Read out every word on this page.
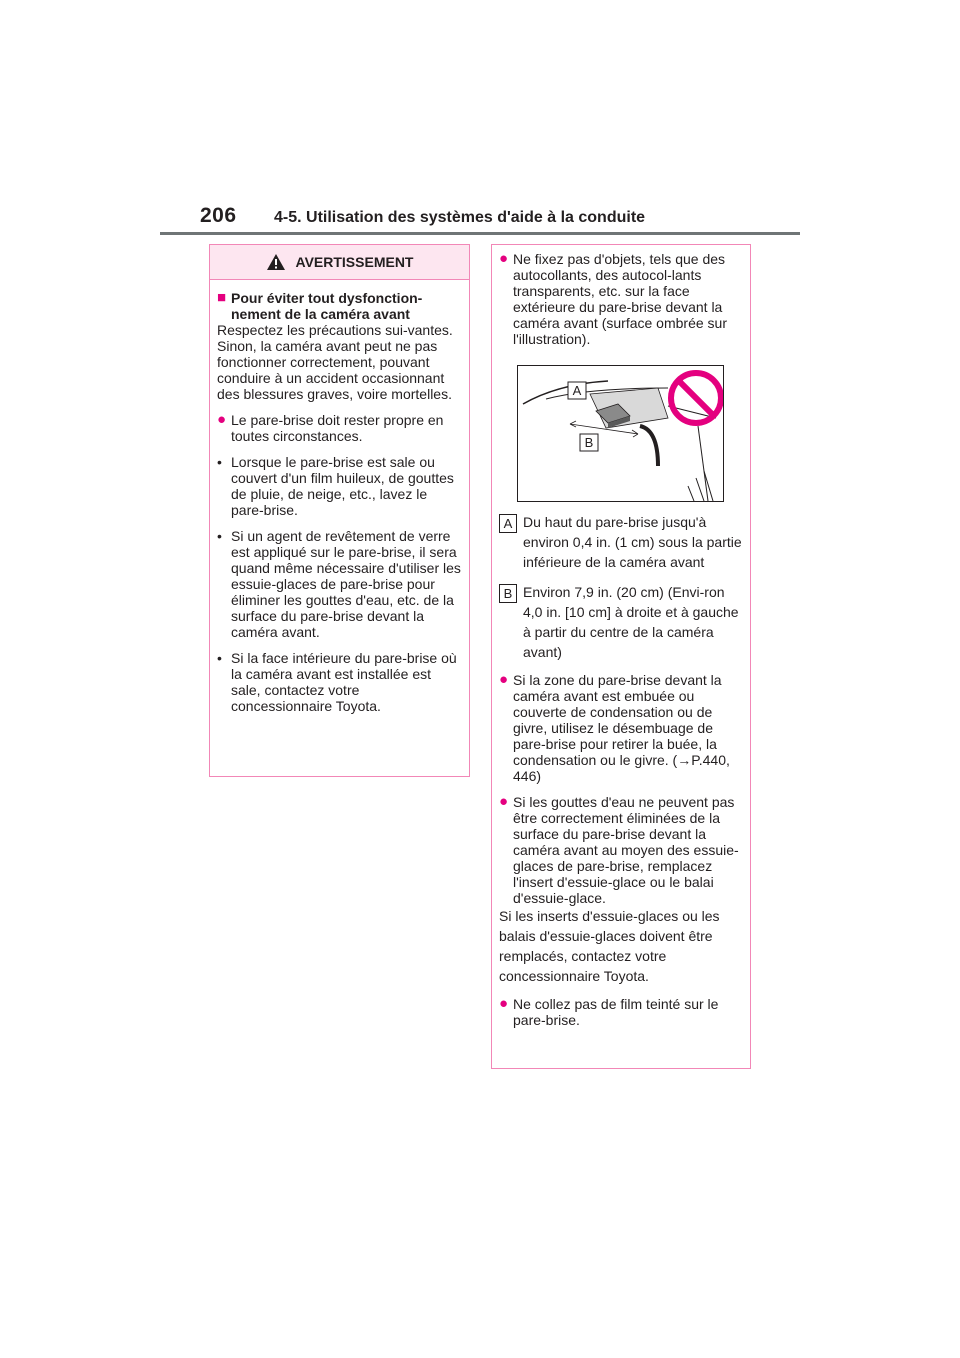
206 4-5. Utilisation des systèmes d'aide à la conduite
AVERTISSEMENT
■ Pour éviter tout dysfonction-nement de la caméra avant

Respectez les précautions sui-vantes. Sinon, la caméra avant peut ne pas fonctionner correctement, pouvant conduire à un accident occasionnant des blessures graves, voire mortelles.

● Le pare-brise doit rester propre en toutes circonstances.
• Lorsque le pare-brise est sale ou couvert d'un film huileux, de gouttes de pluie, de neige, etc., lavez le pare-brise.
• Si un agent de revêtement de verre est appliqué sur le pare-brise, il sera quand même nécessaire d'utiliser les essuie-glaces de pare-brise pour éliminer les gouttes d'eau, etc. de la surface du pare-brise devant la caméra avant.
• Si la face intérieure du pare-brise où la caméra avant est installée est sale, contactez votre concessionnaire Toyota.
● Ne fixez pas d'objets, tels que des autocollants, des autocol-lants transparents, etc. sur la face extérieure du pare-brise devant la caméra avant (surface ombrée sur l'illustration).
A
B
A Du haut du pare-brise jusqu'à environ 0,4 in. (1 cm) sous la partie inférieure de la caméra avant
B Environ 7,9 in. (20 cm) (Envi-ron 4,0 in. [10 cm] à droite et à gauche à partir du centre de la caméra avant)
● Si la zone du pare-brise devant la caméra avant est embuée ou couverte de condensation ou de givre, utilisez le désembuage de pare-brise pour retirer la buée, la condensation ou le givre. (→P.440, 446)
● Si les gouttes d'eau ne peuvent pas être correctement éliminées de la surface du pare-brise devant la caméra avant au moyen des essuie-glaces de pare-brise, remplacez l'insert d'essuie-glace ou le balai d'essuie-glace.

Si les inserts d'essuie-glaces ou les balais d'essuie-glaces doivent être remplacés, contactez votre concessionnaire Toyota.

● Ne collez pas de film teinté sur le pare-brise.
